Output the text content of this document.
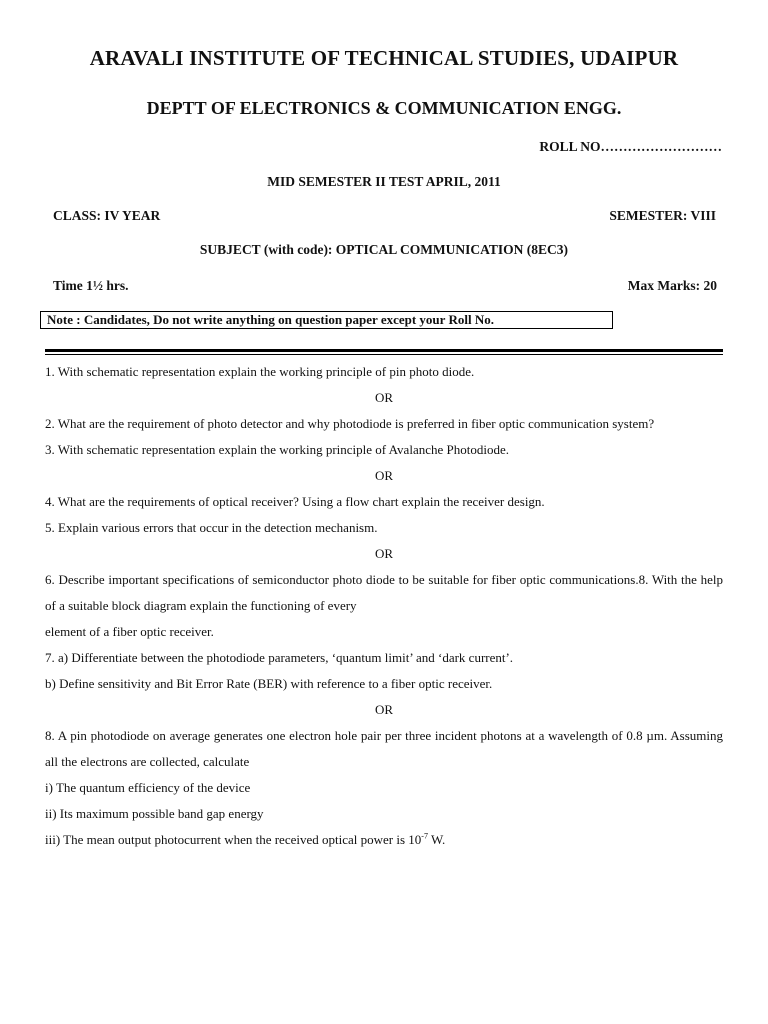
ARAVALI INSTITUTE OF TECHNICAL STUDIES, UDAIPUR
DEPTT OF ELECTRONICS & COMMUNICATION ENGG.
ROLL NO………………………
MID SEMESTER II TEST APRIL, 2011
CLASS: IV YEAR	SEMESTER: VIII
SUBJECT (with code): OPTICAL COMMUNICATION (8EC3)
Time 1½ hrs.	Max Marks: 20
Note : Candidates, Do not write anything on question paper except your Roll No.

1. With schematic representation explain the working principle of pin photo diode.

OR

2. What are the requirement of photo detector and why photodiode is preferred in fiber optic communication system?

3. With schematic representation explain the working principle of Avalanche Photodiode.

OR

4. What are the requirements of optical receiver? Using a flow chart explain the receiver design.

5. Explain various errors that occur in the detection mechanism.

OR

6. Describe important specifications of semiconductor photo diode to be suitable for fiber optic communications.8. With the help of a suitable block diagram explain the functioning of every

element of a fiber optic receiver.

7. a) Differentiate between the photodiode parameters, ‘quantum limit’ and ‘dark current’.

b) Define sensitivity and Bit Error Rate (BER) with reference to a fiber optic receiver.

OR

8. A pin photodiode on average generates one electron hole pair per three incident photons at a wavelength of 0.8 µm. Assuming all the electrons are collected, calculate

i) The quantum efficiency of the device

ii) Its maximum possible band gap energy

iii) The mean output photocurrent when the received optical power is $10^{-7}$ W.
